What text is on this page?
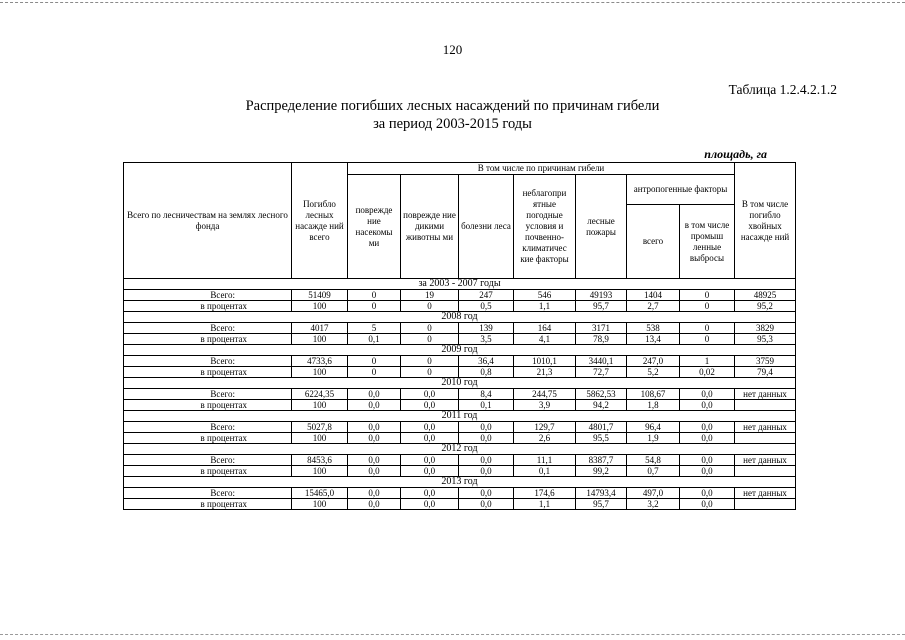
120
Таблица 1.2.4.2.1.2
Распределение погибших лесных насаждений по причинам гибели
за период 2003-2015 годы
площадь, га
Всего по лесничествам на землях лесного фонда	Погибло лесных насажде ний всего	В том числе по причинам гибели							В том числе погибло хвойных насажде ний
		поврежде ние насекомы ми	поврежде ние дикими животны ми	болезни леса	неблагопри ятные погодные условия и почвенно-климатичес кие факторы	лесные пожары	антропогенные факторы		
							всего	в том числе промыш ленные выбросы	
за 2003 - 2007 годы									
Всего:	51409	0	19	247	546	49193	1404	0	48925
в процентах	100	0	0	0,5	1,1	95,7	2,7	0	95,2
2008 год									
Всего:	4017	5	0	139	164	3171	538	0	3829
в процентах	100	0,1	0	3,5	4,1	78,9	13,4	0	95,3
2009 год									
Всего:	4733,6	0	0	36,4	1010,1	3440,1	247,0	1	3759
в процентах	100	0	0	0,8	21,3	72,7	5,2	0,02	79,4
2010 год									
Всего:	6224,35	0,0	0,0	8,4	244,75	5862,53	108,67	0,0	нет данных
в процентах	100	0,0	0,0	0,1	3,9	94,2	1,8	0,0	
2011 год									
Всего:	5027,8	0,0	0,0	0,0	129,7	4801,7	96,4	0,0	нет данных
в процентах	100	0,0	0,0	0,0	2,6	95,5	1,9	0,0	
2012 год									
Всего:	8453,6	0,0	0,0	0,0	11,1	8387,7	54,8	0,0	нет данных
в процентах	100	0,0	0,0	0,0	0,1	99,2	0,7	0,0	
2013 год									
Всего:	15465,0	0,0	0,0	0,0	174,6	14793,4	497,0	0,0	нет данных
в процентах	100	0,0	0,0	0,0	1,1	95,7	3,2	0,0	
